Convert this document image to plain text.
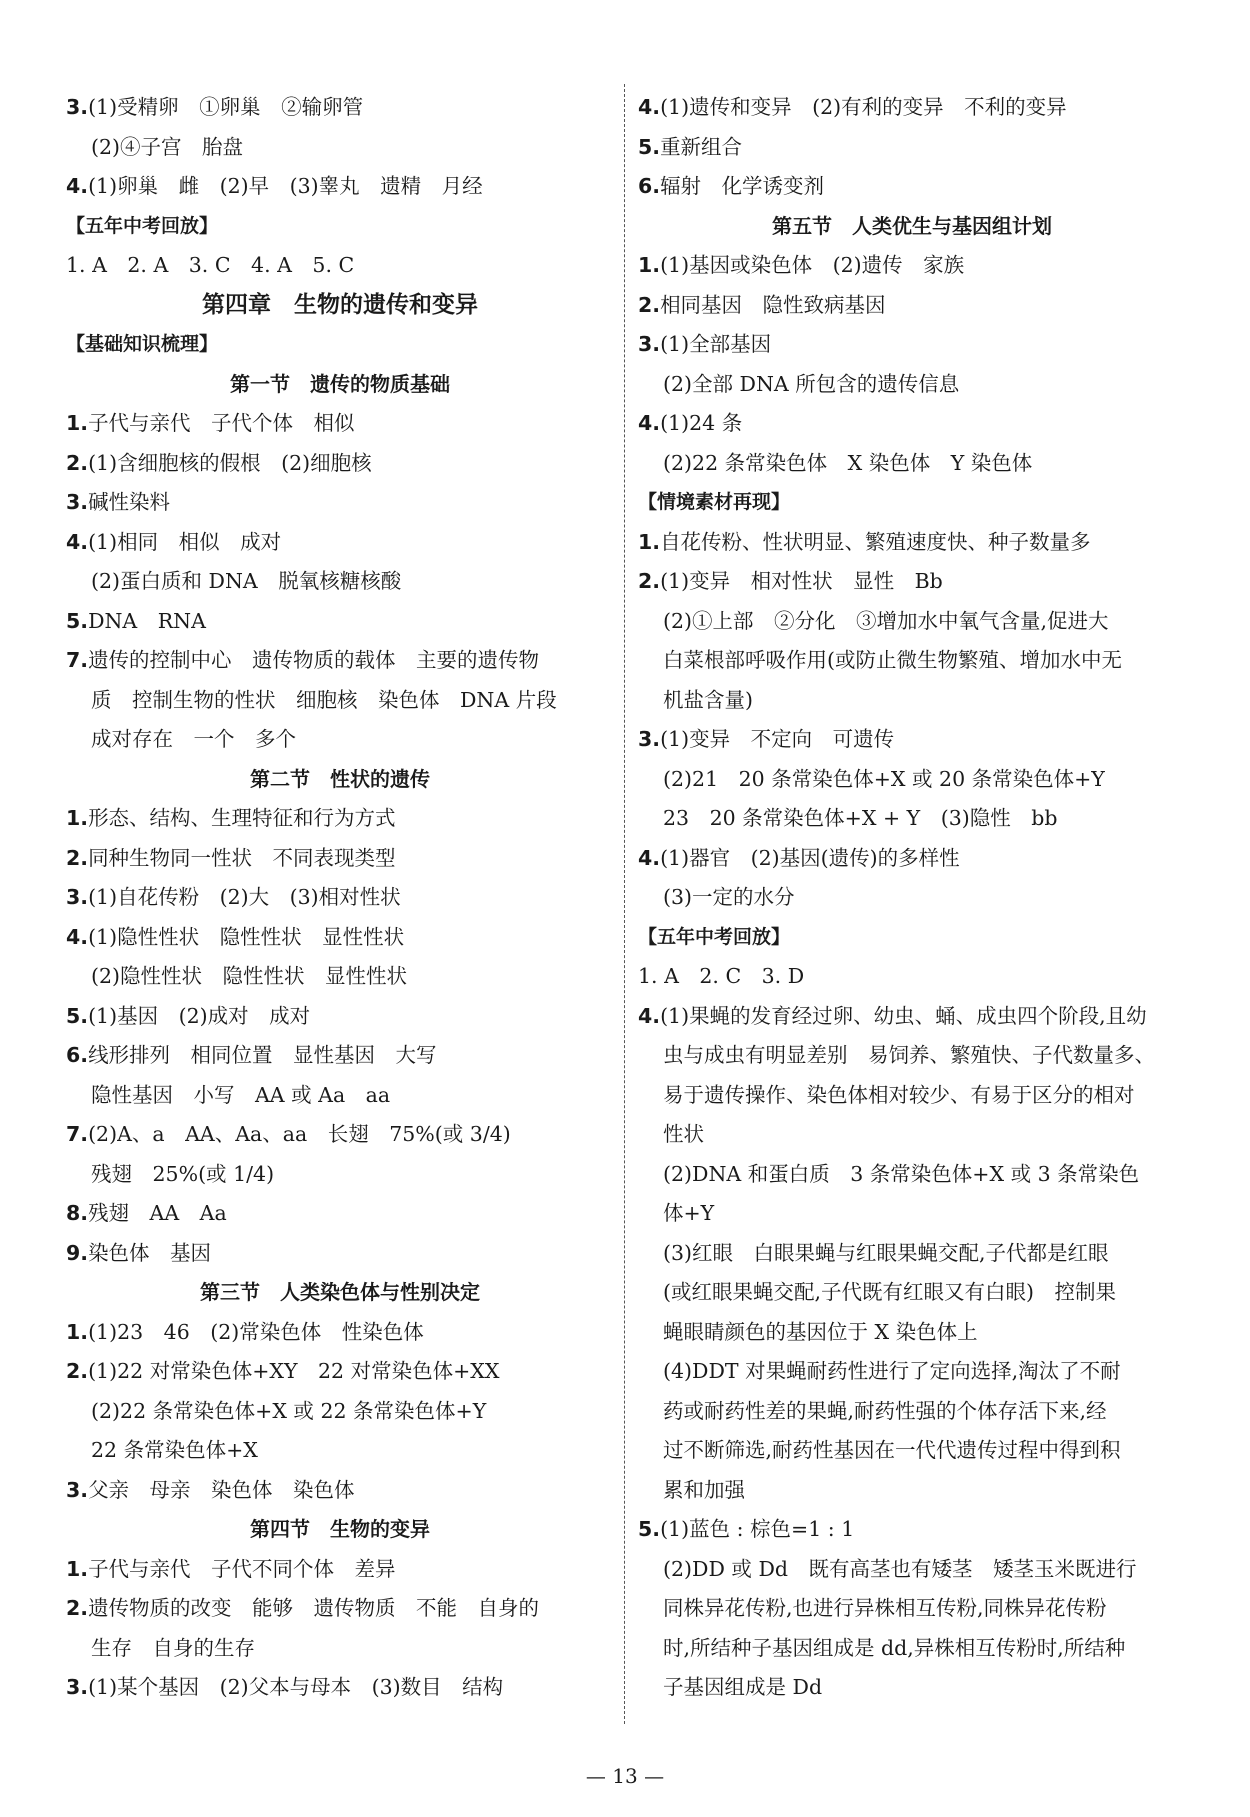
3.(1)受精卵　①卵巢　②输卵管
(2)④子宫　胎盘
4.(1)卵巢　雌　(2)早　(3)睾丸　遗精　月经
【五年中考回放】
1. A　2. A　3. C　4. A　5. C
第四章　生物的遗传和变异
【基础知识梳理】
第一节　遗传的物质基础
1.子代与亲代　子代个体　相似
2.(1)含细胞核的假根　(2)细胞核
3.碱性染料
4.(1)相同　相似　成对
(2)蛋白质和 DNA　脱氧核糖核酸
5.DNA　RNA
7.遗传的控制中心　遗传物质的载体　主要的遗传物
质　控制生物的性状　细胞核　染色体　DNA 片段
成对存在　一个　多个
第二节　性状的遗传
1.形态、结构、生理特征和行为方式
2.同种生物同一性状　不同表现类型
3.(1)自花传粉　(2)大　(3)相对性状
4.(1)隐性性状　隐性性状　显性性状
(2)隐性性状　隐性性状　显性性状
5.(1)基因　(2)成对　成对
6.线形排列　相同位置　显性基因　大写
隐性基因　小写　AA 或 Aa　aa
7.(2)A、a　AA、Aa、aa　长翅　75%(或 3/4)
残翅　25%(或 1/4)
8.残翅　AA　Aa
9.染色体　基因
第三节　人类染色体与性别决定
1.(1)23　46　(2)常染色体　性染色体
2.(1)22 对常染色体+XY　22 对常染色体+XX
(2)22 条常染色体+X 或 22 条常染色体+Y
22 条常染色体+X
3.父亲　母亲　染色体　染色体
第四节　生物的变异
1.子代与亲代　子代不同个体　差异
2.遗传物质的改变　能够　遗传物质　不能　自身的
生存　自身的生存
3.(1)某个基因　(2)父本与母本　(3)数目　结构
4.(1)遗传和变异　(2)有利的变异　不利的变异
5.重新组合
6.辐射　化学诱变剂
第五节　人类优生与基因组计划
1.(1)基因或染色体　(2)遗传　家族
2.相同基因　隐性致病基因
3.(1)全部基因
(2)全部 DNA 所包含的遗传信息
4.(1)24 条
(2)22 条常染色体　X 染色体　Y 染色体
【情境素材再现】
1.自花传粉、性状明显、繁殖速度快、种子数量多
2.(1)变异　相对性状　显性　Bb
(2)①上部　②分化　③增加水中氧气含量,促进大
白菜根部呼吸作用(或防止微生物繁殖、增加水中无
机盐含量)
3.(1)变异　不定向　可遗传
(2)21　20 条常染色体+X 或 20 条常染色体+Y
23　20 条常染色体+X + Y　(3)隐性　bb
4.(1)器官　(2)基因(遗传)的多样性
(3)一定的水分
【五年中考回放】
1. A　2. C　3. D
4.(1)果蝇的发育经过卵、幼虫、蛹、成虫四个阶段,且幼
虫与成虫有明显差别　易饲养、繁殖快、子代数量多、
易于遗传操作、染色体相对较少、有易于区分的相对
性状
(2)DNA 和蛋白质　3 条常染色体+X 或 3 条常染色
体+Y
(3)红眼　白眼果蝇与红眼果蝇交配,子代都是红眼
(或红眼果蝇交配,子代既有红眼又有白眼)　控制果
蝇眼睛颜色的基因位于 X 染色体上
(4)DDT 对果蝇耐药性进行了定向选择,淘汰了不耐
药或耐药性差的果蝇,耐药性强的个体存活下来,经
过不断筛选,耐药性基因在一代代遗传过程中得到积
累和加强
5.(1)蓝色 : 棕色=1 : 1
(2)DD 或 Dd　既有高茎也有矮茎　矮茎玉米既进行
同株异花传粉,也进行异株相互传粉,同株异花传粉
时,所结种子基因组成是 dd,异株相互传粉时,所结种
子基因组成是 Dd
— 13 —
